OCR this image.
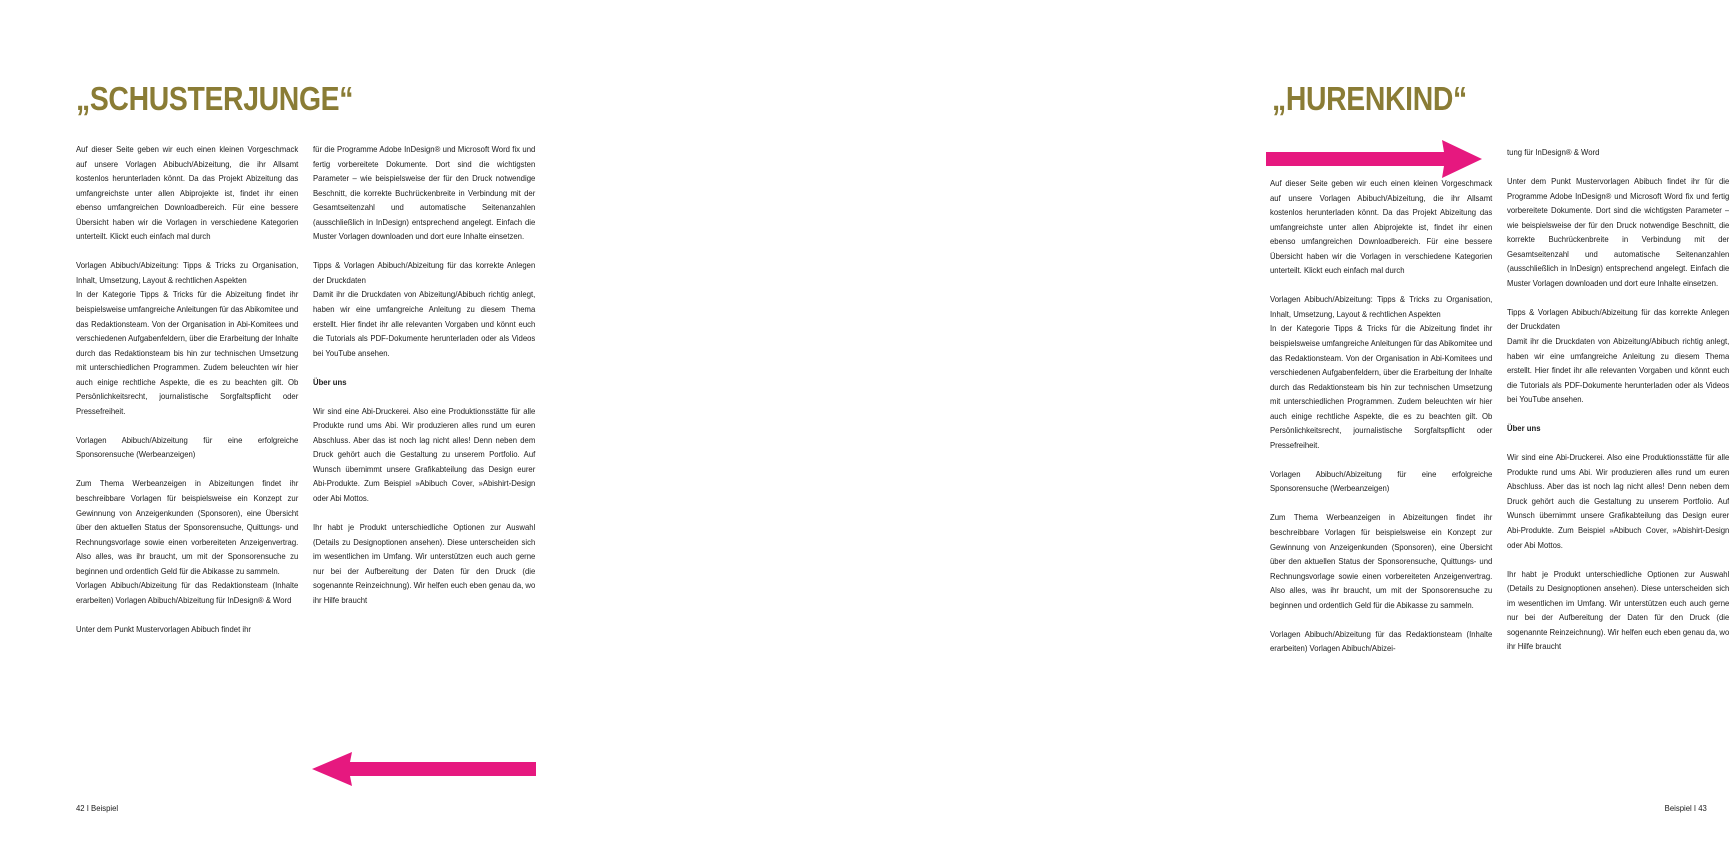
„SCHUSTERJUNGE“

Auf dieser Seite geben wir euch einen kleinen Vorgeschmack auf unsere Vorlagen Abibuch/Abizeitung, die ihr Allsamt kostenlos herunterladen könnt. Da das Projekt Abizeitung das umfangreichste unter allen Abiprojekte ist, findet ihr einen ebenso umfangreichen Downloadbereich. Für eine bessere Übersicht haben wir die Vorlagen in verschiedene Kategorien unterteilt. Klickt euch einfach mal durch

Vorlagen Abibuch/Abizeitung: Tipps & Tricks zu Organisation, Inhalt, Umsetzung, Layout & rechtlichen Aspekten

In der Kategorie Tipps & Tricks für die Abizeitung findet ihr beispielsweise umfangreiche Anleitungen für das Abikomitee und das Redaktionsteam. Von der Organisation in Abi-Komitees und verschiedenen Aufgabenfeldern, über die Erarbeitung der Inhalte durch das Redaktionsteam bis hin zur technischen Umsetzung mit unterschiedlichen Programmen. Zudem beleuchten wir hier auch einige rechtliche Aspekte, die es zu beachten gilt. Ob Persönlichkeitsrecht, journalistische Sorgfaltspflicht oder Pressefreiheit.

Vorlagen Abibuch/Abizeitung für eine erfolgreiche Sponsorensuche (Werbeanzeigen)

Zum Thema Werbeanzeigen in Abizeitungen findet ihr beschreibbare Vorlagen für beispielsweise ein Konzept zur Gewinnung von Anzeigenkunden (Sponsoren), eine Übersicht über den aktuellen Status der Sponsorensuche, Quittungs- und Rechnungsvorlage sowie einen vorbereiteten Anzeigenvertrag. Also alles, was ihr braucht, um mit der Sponsorensuche zu beginnen und ordentlich Geld für die Abikasse zu sammeln.

Vorlagen Abibuch/Abizeitung für das Redaktionsteam (Inhalte erarbeiten) Vorlagen Abibuch/Abizeitung für InDesign® & Word

Unter dem Punkt Mustervorlagen Abibuch findet ihr

für die Programme Adobe InDesign® und Microsoft Word fix und fertig vorbereitete Dokumente. Dort sind die wichtigsten Parameter – wie beispielsweise der für den Druck notwendige Beschnitt, die korrekte Buchrückenbreite in Verbindung mit der Gesamtseitenzahl und automatische Seitenanzahlen (ausschließlich in InDesign) entsprechend angelegt. Einfach die Muster Vorlagen downloaden und dort eure Inhalte einsetzen.

Tipps & Vorlagen Abibuch/Abizeitung für das korrekte Anlegen der Druckdaten

Damit ihr die Druckdaten von Abizeitung/Abibuch richtig anlegt, haben wir eine umfangreiche Anleitung zu diesem Thema erstellt. Hier findet ihr alle relevanten Vorgaben und könnt euch die Tutorials als PDF-Dokumente herunterladen oder als Videos bei YouTube ansehen.

Über uns

Wir sind eine Abi-Druckerei. Also eine Produktionsstätte für alle Produkte rund ums Abi. Wir produzieren alles rund um euren Abschluss. Aber das ist noch lag nicht alles! Denn neben dem Druck gehört auch die Gestaltung zu unserem Portfolio. Auf Wunsch übernimmt unsere Grafikabteilung das Design eurer Abi-Produkte. Zum Beispiel »Abibuch Cover, »Abishirt-Design oder Abi Mottos.

Ihr habt je Produkt unterschiedliche Optionen zur Auswahl (Details zu Designoptionen ansehen). Diese unterscheiden sich im wesentlichen im Umfang. Wir unterstützen euch auch gerne nur bei der Aufbereitung der Daten für den Druck (die sogenannte Reinzeichnung). Wir helfen euch eben genau da, wo ihr Hilfe braucht

42 I Beispiel
„HURENKIND“

Auf dieser Seite geben wir euch einen kleinen Vorgeschmack auf unsere Vorlagen Abibuch/Abizeitung, die ihr Allsamt kostenlos herunterladen könnt. Da das Projekt Abizeitung das umfangreichste unter allen Abiprojekte ist, findet ihr einen ebenso umfangreichen Downloadbereich. Für eine bessere Übersicht haben wir die Vorlagen in verschiedene Kategorien unterteilt. Klickt euch einfach mal durch

Vorlagen Abibuch/Abizeitung: Tipps & Tricks zu Organisation, Inhalt, Umsetzung, Layout & rechtlichen Aspekten

In der Kategorie Tipps & Tricks für die Abizeitung findet ihr beispielsweise umfangreiche Anleitungen für das Abikomitee und das Redaktionsteam. Von der Organisation in Abi-Komitees und verschiedenen Aufgabenfeldern, über die Erarbeitung der Inhalte durch das Redaktionsteam bis hin zur technischen Umsetzung mit unterschiedlichen Programmen. Zudem beleuchten wir hier auch einige rechtliche Aspekte, die es zu beachten gilt. Ob Persönlichkeitsrecht, journalistische Sorgfaltspflicht oder Pressefreiheit.

Vorlagen Abibuch/Abizeitung für eine erfolgreiche Sponsorensuche (Werbeanzeigen)

Zum Thema Werbeanzeigen in Abizeitungen findet ihr beschreibbare Vorlagen für beispielsweise ein Konzept zur Gewinnung von Anzeigenkunden (Sponsoren), eine Übersicht über den aktuellen Status der Sponsorensuche, Quittungs- und Rechnungsvorlage sowie einen vorbereiteten Anzeigenvertrag. Also alles, was ihr braucht, um mit der Sponsorensuche zu beginnen und ordentlich Geld für die Abikasse zu sammeln.

Vorlagen Abibuch/Abizeitung für das Redaktionsteam (Inhalte erarbeiten) Vorlagen Abibuch/Abizei-

tung für InDesign® & Word

Unter dem Punkt Mustervorlagen Abibuch findet ihr für die Programme Adobe InDesign® und Microsoft Word fix und fertig vorbereitete Dokumente. Dort sind die wichtigsten Parameter – wie beispielsweise der für den Druck notwendige Beschnitt, die korrekte Buchrückenbreite in Verbindung mit der Gesamtseitenzahl und automatische Seitenanzahlen (ausschließlich in InDesign) entsprechend angelegt. Einfach die Muster Vorlagen downloaden und dort eure Inhalte einsetzen.

Tipps & Vorlagen Abibuch/Abizeitung für das korrekte Anlegen der Druckdaten

Damit ihr die Druckdaten von Abizeitung/Abibuch richtig anlegt, haben wir eine umfangreiche Anleitung zu diesem Thema erstellt. Hier findet ihr alle relevanten Vorgaben und könnt euch die Tutorials als PDF-Dokumente herunterladen oder als Videos bei YouTube ansehen.

Über uns

Wir sind eine Abi-Druckerei. Also eine Produktionsstätte für alle Produkte rund ums Abi. Wir produzieren alles rund um euren Abschluss. Aber das ist noch lag nicht alles! Denn neben dem Druck gehört auch die Gestaltung zu unserem Portfolio. Auf Wunsch übernimmt unsere Grafikabteilung das Design eurer Abi-Produkte. Zum Beispiel »Abibuch Cover, »Abishirt-Design oder Abi Mottos.

Ihr habt je Produkt unterschiedliche Optionen zur Auswahl (Details zu Designoptionen ansehen). Diese unterscheiden sich im wesentlichen im Umfang. Wir unterstützen euch auch gerne nur bei der Aufbereitung der Daten für den Druck (die sogenannte Reinzeichnung). Wir helfen euch eben genau da, wo ihr Hilfe braucht

Beispiel I 43
